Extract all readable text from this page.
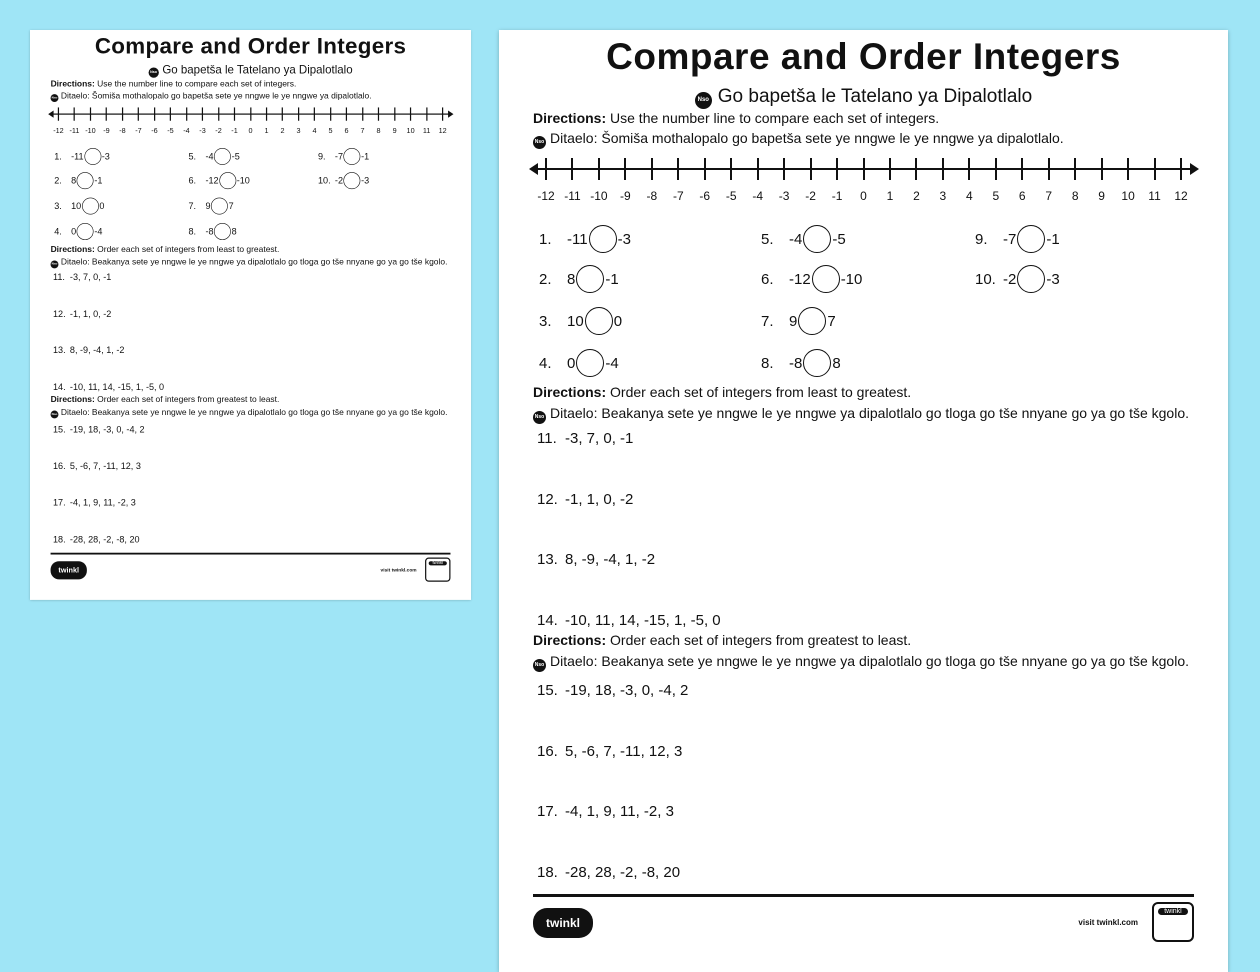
Compare and Order Integers
Nso Go bapetša le Tatelano ya Dipalotlalo
Directions: Use the number line to compare each set of integers.
Nso Ditaelo: Šomiša mothalopalo go bapetša sete ye nngwe le ye nngwe ya dipalotlalo.
-12 -11 -10 -9 -8 -7 -6 -5 -4 -3 -2 -1 0 1 2 3 4 5 6 7 8 9 10 11 12
1. -11 -3
2. 8 -1
3. 10 0
4. 0 -4
5. -4 -5
6. -12 -10
7. 9 7
8. -8 8
9. -7 -1
10. -2 -3
Directions: Order each set of integers from least to greatest.
Nso Ditaelo: Beakanya sete ye nngwe le ye nngwe ya dipalotlalo go tloga go tše nnyane go ya go tše kgolo.
11. -3, 7, 0, -1
12. -1, 1, 0, -2
13. 8, -9, -4, 1, -2
14. -10, 11, 14, -15, 1, -5, 0
Directions: Order each set of integers from greatest to least.
Nso Ditaelo: Beakanya sete ye nngwe le ye nngwe ya dipalotlalo go tloga go tše nnyane go ya go tše kgolo.
15. -19, 18, -3, 0, -4, 2
16. 5, -6, 7, -11, 12, 3
17. -4, 1, 9, 11, -2, 3
18. -28, 28, -2, -8, 20
twinkl	visit twinkl.com
twinkl
Compare and Order Integers
Nso Go bapetša le Tatelano ya Dipalotlalo
Directions: Use the number line to compare each set of integers.
Nso Ditaelo: Šomiša mothalopalo go bapetša sete ye nngwe le ye nngwe ya dipalotlalo.
-12 -11 -10 -9 -8 -7 -6 -5 -4 -3 -2 -1 0 1 2 3 4 5 6 7 8 9 10 11 12
1.	-11 -3
2.	8 -1
3.	10 0
4.	0 -4
5.	-4 -5
6.	-12 -10
7.	9 7
8.	-8 8
9.	-7 -1
10. -2 -3
Directions: Order each set of integers from least to greatest.
Nso Ditaelo: Beakanya sete ye nngwe le ye nngwe ya dipalotlalo go tloga go tše nnyane go ya go tše kgolo.
11. -3, 7, 0, -1
12. -1, 1, 0, -2
13. 8, -9, -4, 1, -2
14. -10, 11, 14, -15, 1, -5, 0
Directions: Order each set of integers from greatest to least.
Nso Ditaelo: Beakanya sete ye nngwe le ye nngwe ya dipalotlalo go tloga go tše nnyane go ya go tše kgolo.
15. -19, 18, -3, 0, -4, 2
16. 5, -6, 7, -11, 12, 3
17. -4, 1, 9, 11, -2, 3
18. -28, 28, -2, -8, 20
twinkl	visit twinkl.com
twinkl
